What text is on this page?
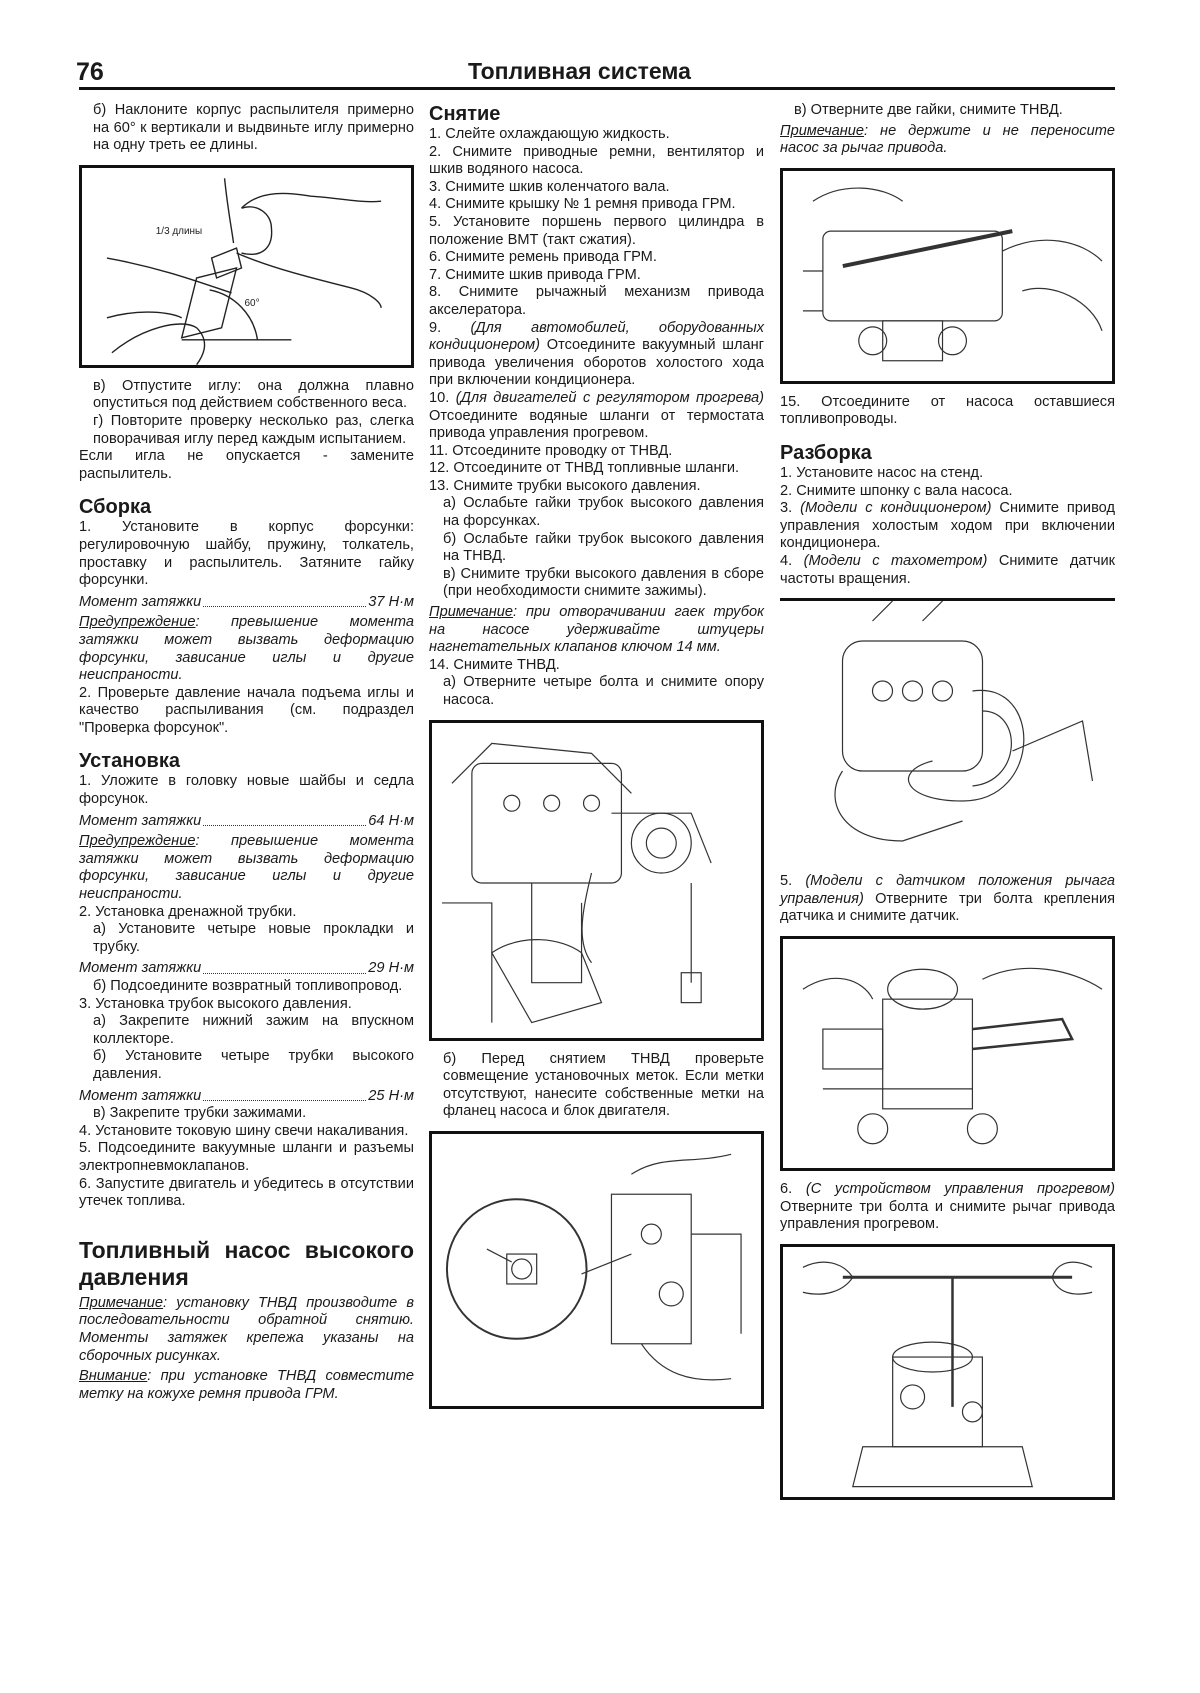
76	Топливная система
б) Наклоните корпус распылителя примерно на 60° к вертикали и выдвиньте иглу примерно на одну треть ее длины.
1/3 длины
60°
в) Отпустите иглу: она должна плавно опуститься под действием собственного веса.
г) Повторите проверку несколько раз, слегка поворачивая иглу перед каждым испытанием.
Если игла не опускается - замените распылитель.
Сборка
1. Установите в корпус форсунки: регулировочную шайбу, пружину, толкатель, проставку и распылитель. Затяните гайку форсунки.
Момент затяжки	37 Н·м
Предупреждение: превышение момента затяжки может вызвать деформацию форсунки, зависание иглы и другие неиспраности.
2. Проверьте давление начала подъема иглы и качество распыливания (см. подраздел "Проверка форсунок".
Установка
1. Уложите в головку новые шайбы и седла форсунок.
Момент затяжки	64 Н·м
Предупреждение: превышение момента затяжки может вызвать деформацию форсунки, зависание иглы и другие неиспраности.
2. Установка дренажной трубки.
а) Установите четыре новые прокладки и трубку.
Момент затяжки	29 Н·м
б) Подсоедините возвратный топливопровод.
3. Установка трубок высокого давления.
а) Закрепите нижний зажим на впускном коллекторе.
б) Установите четыре трубки высокого давления.
Момент затяжки	25 Н·м
в) Закрепите трубки зажимами.
4. Установите токовую шину свечи накаливания.
5. Подсоедините вакуумные шланги и разъемы электропневмоклапанов.
6. Запустите двигатель и убедитесь в отсутствии утечек топлива.
Топливный насос высокого давления
Примечание: установку ТНВД производите в последовательности обратной снятию. Моменты затяжек крепежа указаны на сборочных рисунках.
Внимание: при установке ТНВД совместите метку на кожухе ремня привода ГРМ.
Снятие
1. Слейте охлаждающую жидкость.
2. Снимите приводные ремни, вентилятор и шкив водяного насоса.
3. Снимите шкив коленчатого вала.
4. Снимите крышку № 1 ремня привода ГРМ.
5. Установите поршень первого цилиндра в положение ВМТ (такт сжатия).
6. Снимите ремень привода ГРМ.
7. Снимите шкив привода ГРМ.
8. Снимите рычажный механизм привода акселератора.
9. (Для автомобилей, оборудованных кондиционером) Отсоедините вакуумный шланг привода увеличения оборотов холостого хода при включении кондиционера.
10. (Для двигателей с регулятором прогрева) Отсоедините водяные шланги от термостата привода управления прогревом.
11. Отсоедините проводку от ТНВД.
12. Отсоедините от ТНВД топливные шланги.
13. Снимите трубки высокого давления.
а) Ослабьте гайки трубок высокого давления на форсунках.
б) Ослабьте гайки трубок высокого давления на ТНВД.
в) Снимите трубки высокого давления в сборе (при необходимости снимите зажимы).
Примечание: при отворачивании гаек трубок на насосе удерживайте штуцеры нагнетательных клапанов ключом 14 мм.
14. Снимите ТНВД.
а) Отверните четыре болта и снимите опору насоса.
б) Перед снятием ТНВД проверьте совмещение установочных меток. Если метки отсутствуют, нанесите собственные метки на фланец насоса и блок двигателя.
в) Отверните две гайки, снимите ТНВД.
Примечание: не держите и не переносите насос за рычаг привода.
15. Отсоедините от насоса оставшиеся топливопроводы.
Разборка
1. Установите насос на стенд.
2. Снимите шпонку с вала насоса.
3. (Модели с кондиционером) Снимите привод управления холостым ходом при включении кондиционера.
4. (Модели с тахометром) Снимите датчик частоты вращения.
5. (Модели с датчиком положения рычага управления) Отверните три болта крепления датчика и снимите датчик.
6. (С устройством управления прогревом) Отверните три болта и снимите рычаг привода управления прогревом.
